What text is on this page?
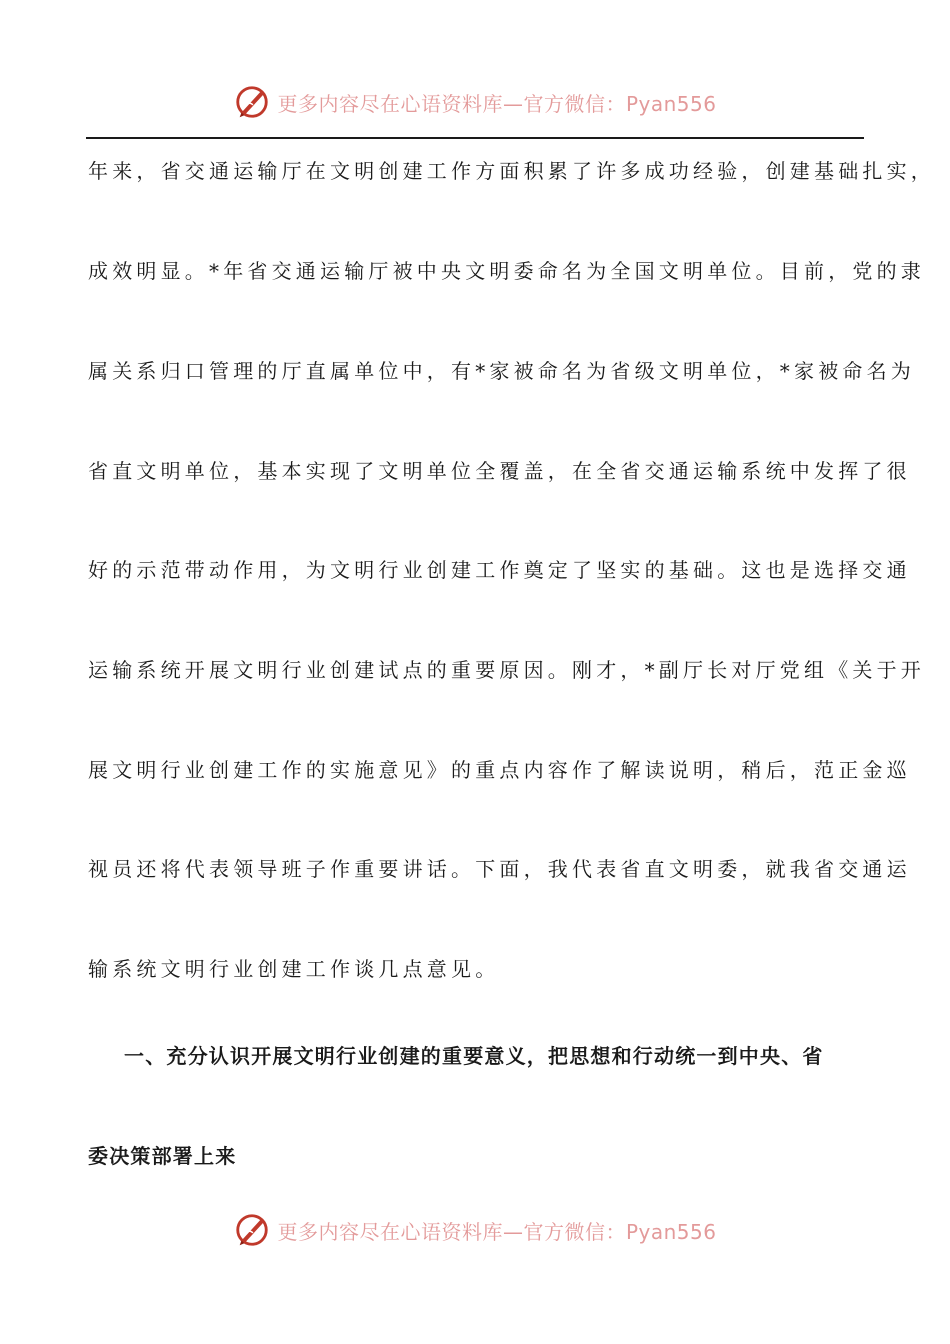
更多内容尽在心语资料库—官方微信：Pyan556
年来，省交通运输厅在文明创建工作方面积累了许多成功经验，创建基础扎实，
成效明显。*年省交通运输厅被中央文明委命名为全国文明单位。目前，党的隶
属关系归口管理的厅直属单位中，有*家被命名为省级文明单位，*家被命名为
省直文明单位，基本实现了文明单位全覆盖，在全省交通运输系统中发挥了很
好的示范带动作用，为文明行业创建工作奠定了坚实的基础。这也是选择交通
运输系统开展文明行业创建试点的重要原因。刚才，*副厅长对厅党组《关于开
展文明行业创建工作的实施意见》的重点内容作了解读说明，稍后，范正金巡
视员还将代表领导班子作重要讲话。下面，我代表省直文明委，就我省交通运
输系统文明行业创建工作谈几点意见。
一、充分认识开展文明行业创建的重要意义，把思想和行动统一到中央、省
委决策部署上来
更多内容尽在心语资料库—官方微信：Pyan556
